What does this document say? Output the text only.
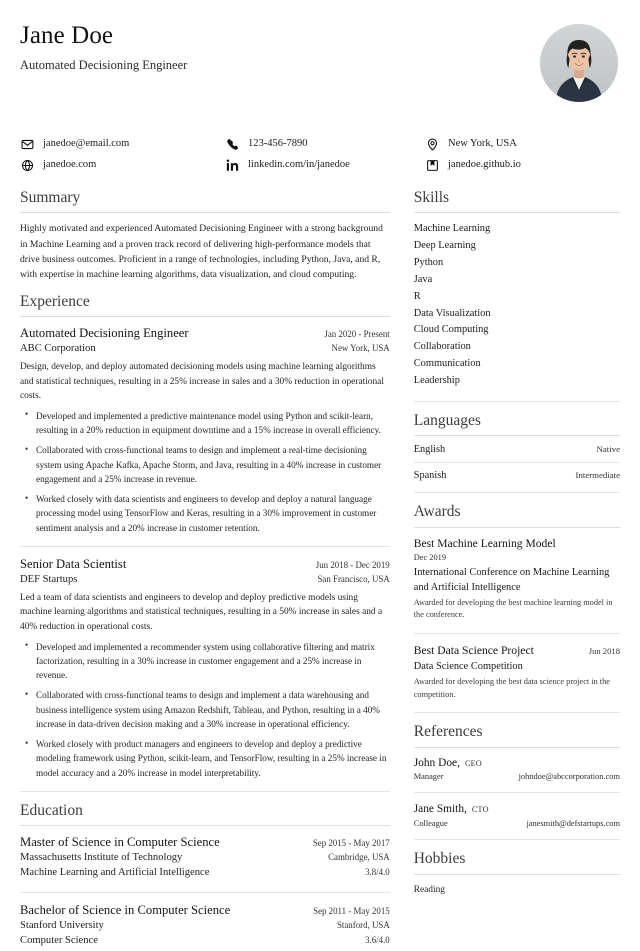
Jane Doe

Automated Decisioning Engineer

janedoe@email.com	123-456-7890	New York, USA
janedoe.com	linkedin.com/in/janedoe	janedoe.github.io
Summary

Highly motivated and experienced Automated Decisioning Engineer with a strong background in Machine Learning and a proven track record of delivering high-performance models that drive business outcomes. Proficient in a range of technologies, including Python, Java, and R, with expertise in machine learning algorithms, data visualization, and cloud computing.

Experience
Automated Decisioning Engineer	Jan 2020 - Present
ABC Corporation	New York, USA

Design, develop, and deploy automated decisioning models using machine learning algorithms and statistical techniques, resulting in a 25% increase in sales and a 30% reduction in operational costs.

• Developed and implemented a predictive maintenance model using Python and scikit-learn, resulting in a 20% reduction in equipment downtime and a 15% increase in overall efficiency.
• Collaborated with cross-functional teams to design and implement a real-time decisioning system using Apache Kafka, Apache Storm, and Java, resulting in a 40% increase in customer engagement and a 25% increase in revenue.
• Worked closely with data scientists and engineers to develop and deploy a natural language processing model using TensorFlow and Keras, resulting in a 30% improvement in customer sentiment analysis and a 20% increase in customer retention.
Senior Data Scientist	Jun 2018 - Dec 2019
DEF Startups	San Francisco, USA

Led a team of data scientists and engineers to develop and deploy predictive models using machine learning algorithms and statistical techniques, resulting in a 50% increase in sales and a 40% reduction in operational costs.

• Developed and implemented a recommender system using collaborative filtering and matrix factorization, resulting in a 30% increase in customer engagement and a 25% increase in revenue.
• Collaborated with cross-functional teams to design and implement a data warehousing and business intelligence system using Amazon Redshift, Tableau, and Python, resulting in a 40% increase in data-driven decision making and a 30% increase in operational efficiency.
• Worked closely with product managers and engineers to develop and deploy a predictive modeling framework using Python, scikit-learn, and TensorFlow, resulting in a 25% increase in model accuracy and a 20% increase in model interpretability.
Education
Master of Science in Computer Science	Sep 2015 - May 2017
Massachusetts Institute of Technology	Cambridge, USA
Machine Learning and Artificial Intelligence	3.8/4.0
Bachelor of Science in Computer Science	Sep 2011 - May 2015
Stanford University	Stanford, USA
Computer Science	3.6/4.0
Skills
Machine Learning
Deep Learning
Python
Java
R
Data Visualization
Cloud Computing
Collaboration
Communication
Leadership
Languages
English	Native
Spanish	Intermediate
Awards
Best Machine Learning Model
Dec 2019
International Conference on Machine Learning and Artificial Intelligence
Awarded for developing the best machine learning model in the conference.
Best Data Science Project	Jun 2018
Data Science Competition
Awarded for developing the best data science project in the competition.
References
John Doe, CEO
Manager	johndoe@abccorporation.com
Jane Smith, CTO
Colleague	janesmith@defstartups.com
Hobbies
Reading
